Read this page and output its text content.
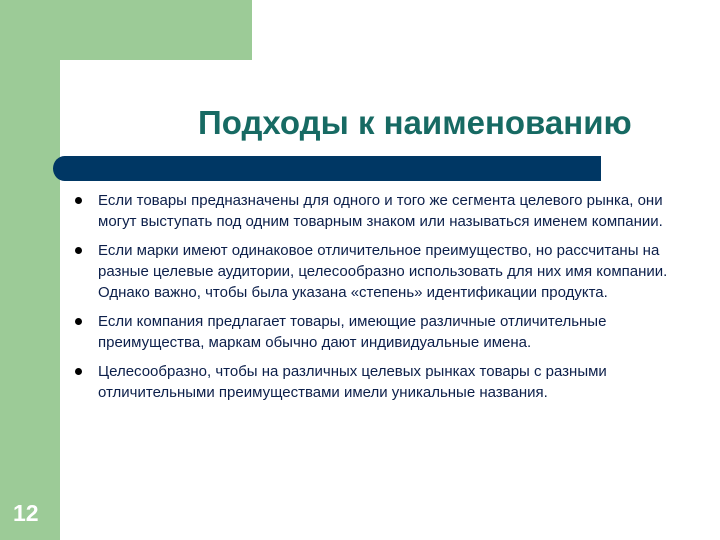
Подходы к наименованию
Если товары предназначены для одного и того же сегмента целевого рынка, они могут выступать под одним товарным знаком или называться именем компании.
Если марки имеют одинаковое отличительное преимущество, но рассчитаны на разные целевые аудитории, целесообразно использовать для них имя компании. Однако важно, чтобы была указана «степень» идентификации продукта.
Если компания предлагает товары, имеющие различные отличительные преимущества, маркам обычно дают индивидуальные имена.
Целесообразно, чтобы на различных целевых рынках товары с разными отличительными преимуществами имели уникальные названия.
12
